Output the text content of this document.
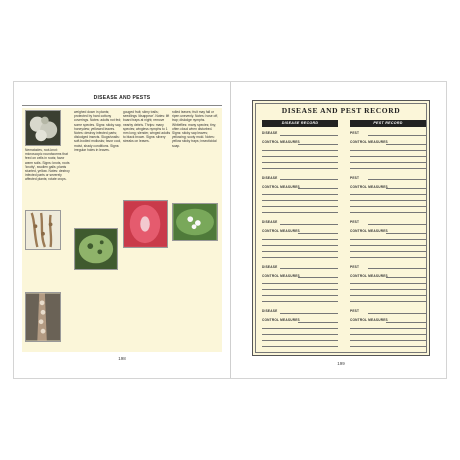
DISEASE AND PESTS
Nematodes, root-knot: microscopic roundworms that feed on cells in roots; favor warm soils. Signs: knots, roots 'knotty', swollen galls; plants stunted, yellow. Notes: destroy infected parts or severely affected plants; rotate crops.
weighed down in plants; protected by hard cottony coverings. Notes: adults not fed; some species. Signs: sticky sap, honeydew; yellowed leaves. Notes: destroy infected parts; dislodged insects. Slugs/snails: soft-bodied mollusks; favor cool, moist, shady conditions. Signs: irregular holes in leaves.
gouged fruit; slimy trails; seedlings 'disappear'. Notes: lift board traps at night; remove nearby debris. Thrips: many species; wingless nymphs to 1 mm long; slender, winged adults to black brown. Signs: silvery streaks on leaves.
rolled leaves; fruit may fall or ripen unevenly. Notes: hose off, trap; dislodge nymphs. Whiteflies: many species; tiny; often cloud when disturbed. Signs: sticky sap leaves; yellowing; sooty mold. Notes: yellow sticky traps; insecticidal soap.
198
DISEASE AND PEST RECORD
DISEASE RECORD	PEST RECORD
DISEASE
CONTROL MEASURES
PEST
CONTROL MEASURES
DISEASE
CONTROL MEASURES
PEST
CONTROL MEASURES
DISEASE
CONTROL MEASURES
PEST
CONTROL MEASURES
DISEASE
CONTROL MEASURES
PEST
CONTROL MEASURES
DISEASE
CONTROL MEASURES
PEST
CONTROL MEASURES
199
